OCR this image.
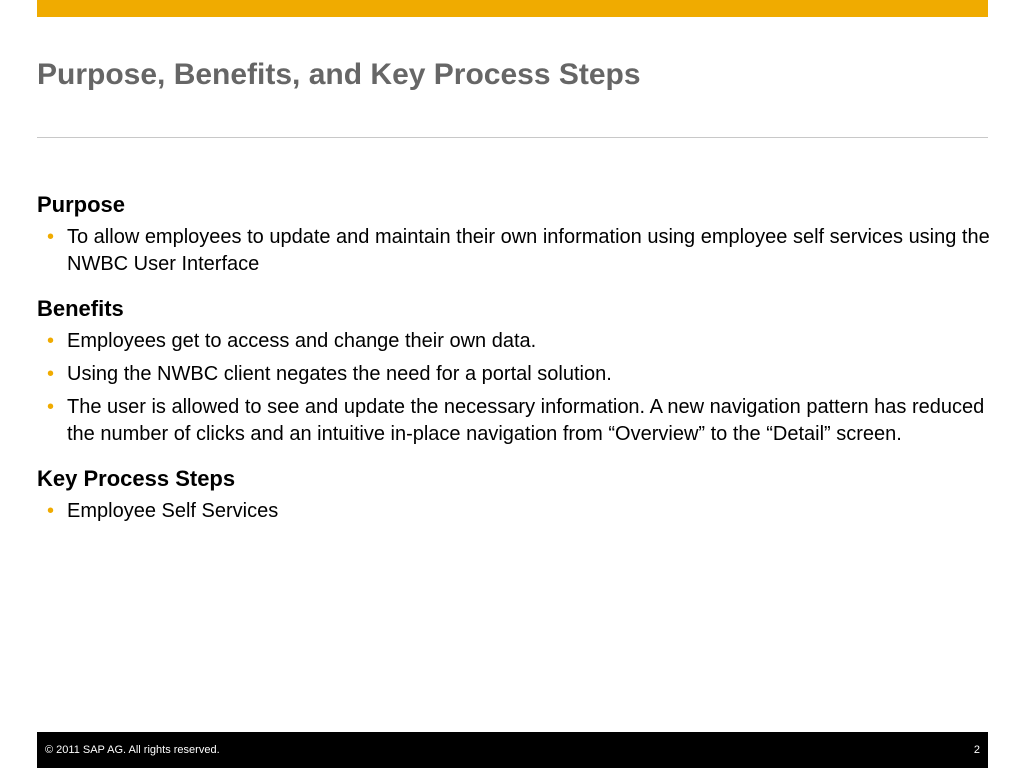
Purpose, Benefits, and Key Process Steps
Purpose
• To allow employees to update and maintain their own information using employee self services using the NWBC User Interface
Benefits
• Employees get to access and change their own data.
• Using the NWBC client negates the need for a portal solution.
• The user is allowed to see and update the necessary information. A new navigation pattern has reduced the number of clicks and an intuitive in-place navigation from “Overview” to the “Detail” screen.
Key Process Steps
• Employee Self Services
© 2011 SAP AG. All rights reserved.	2
